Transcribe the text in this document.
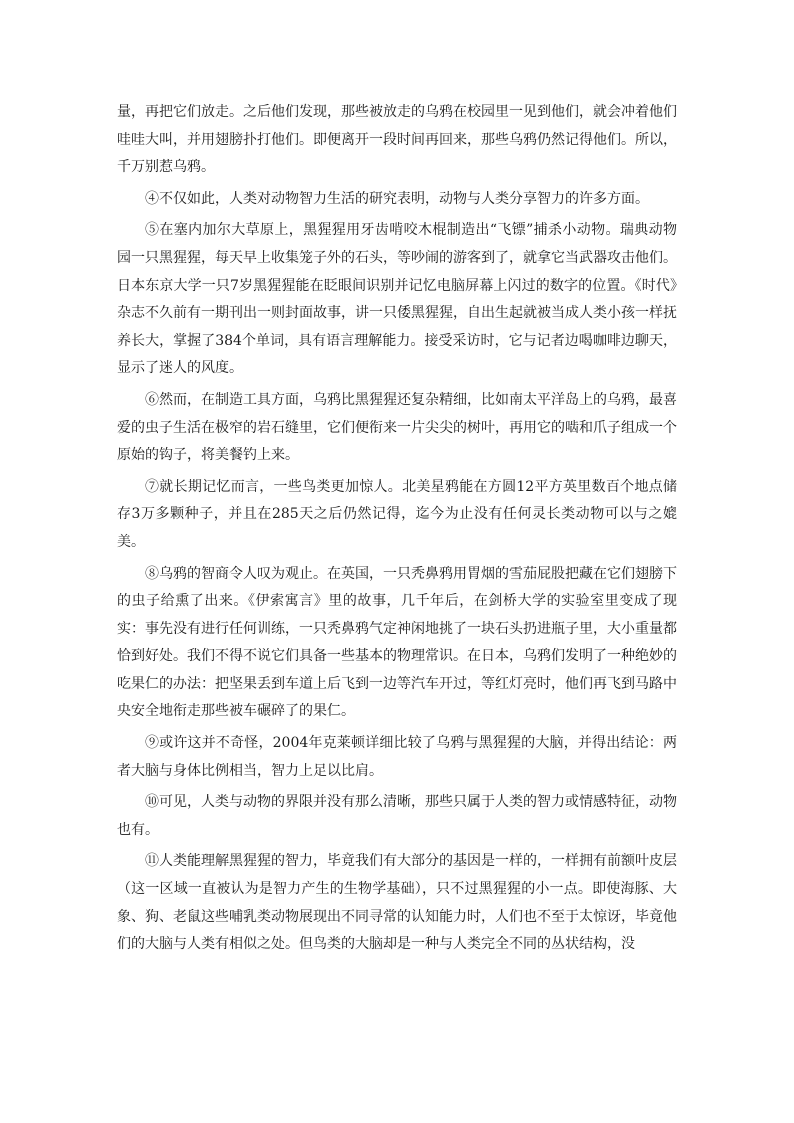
量，再把它们放走。之后他们发现，那些被放走的乌鸦在校园里一见到他们，就会冲着他们哇哇大叫，并用翅膀扑打他们。即便离开一段时间再回来，那些乌鸦仍然记得他们。所以，千万别惹乌鸦。

④不仅如此，人类对动物智力生活的研究表明，动物与人类分享智力的许多方面。

⑤在塞内加尔大草原上，黑猩猩用牙齿啃咬木棍制造出“飞镖”捕杀小动物。瑞典动物园一只黑猩猩，每天早上收集笼子外的石头，等吵闹的游客到了，就拿它当武器攻击他们。日本东京大学一只7岁黑猩猩能在眨眼间识别并记忆电脑屏幕上闪过的数字的位置。《时代》杂志不久前有一期刊出一则封面故事，讲一只倭黑猩猩，自出生起就被当成人类小孩一样抚养长大，掌握了384个单词，具有语言理解能力。接受采访时，它与记者边喝咖啡边聊天，显示了迷人的风度。

⑥然而，在制造工具方面，乌鸦比黑猩猩还复杂精细，比如南太平洋岛上的乌鸦，最喜爱的虫子生活在极窄的岩石缝里，它们便衔来一片尖尖的树叶，再用它的啮和爪子组成一个原始的钩子，将美餐钓上来。

⑦就长期记忆而言，一些鸟类更加惊人。北美星鸦能在方圆12平方英里数百个地点储存3万多颗种子，并且在285天之后仍然记得，迄今为止没有任何灵长类动物可以与之媲美。

⑧乌鸦的智商令人叹为观止。在英国，一只秃鼻鸦用胃烟的雪茄屁股把藏在它们翅膀下的虫子给熏了出来。《伊索寓言》里的故事，几千年后，在剑桥大学的实验室里变成了现实：事先没有进行任何训练，一只秃鼻鸦气定神闲地挑了一块石头扔进瓶子里，大小重量都恰到好处。我们不得不说它们具备一些基本的物理常识。在日本，乌鸦们发明了一种绝妙的吃果仁的办法：把坚果丢到车道上后飞到一边等汽车开过，等红灯亮时，他们再飞到马路中央安全地衔走那些被车碾碎了的果仁。

⑨或许这并不奇怪，2004年克莱顿详细比较了乌鸦与黑猩猩的大脑，并得出结论：两者大脑与身体比例相当，智力上足以比肩。

⑩可见，人类与动物的界限并没有那么清晰，那些只属于人类的智力或情感特征，动物也有。

⑪人类能理解黑猩猩的智力，毕竟我们有大部分的基因是一样的，一样拥有前额叶皮层（这一区域一直被认为是智力产生的生物学基础），只不过黑猩猩的小一点。即使海豚、大象、狗、老鼠这些哺乳类动物展现出不同寻常的认知能力时，人们也不至于太惊讶，毕竟他们的大脑与人类有相似之处。但鸟类的大脑却是一种与人类完全不同的丛状结构，没
